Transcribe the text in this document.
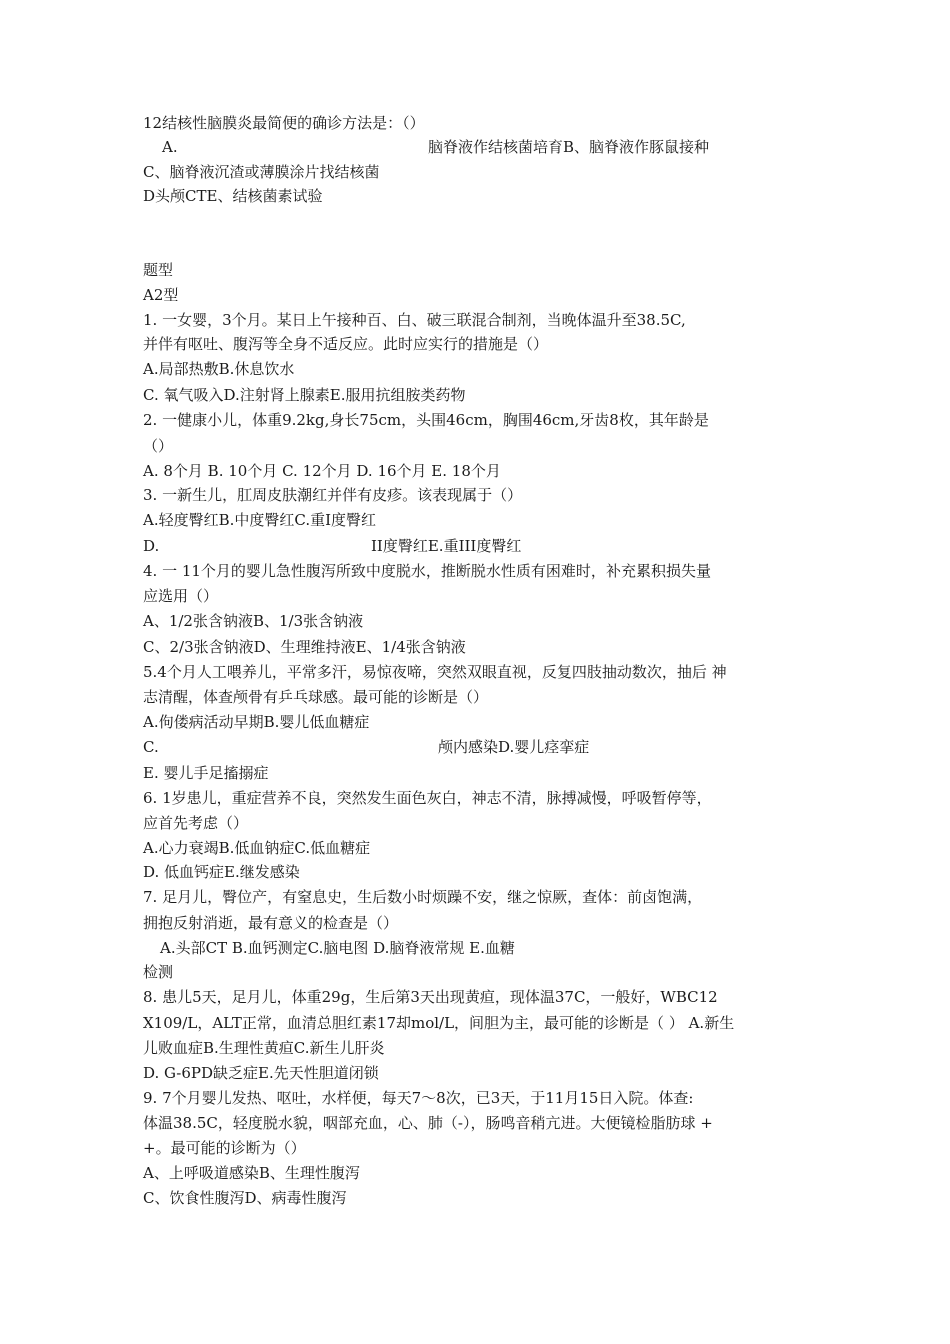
12结核性脑膜炎最简便的确诊方法是：（）
A.	脑脊液作结核菌培育B、脑脊液作豚鼠接种
C、脑脊液沉渣或薄膜涂片找结核菌
D头颅CTE、结核菌素试验
题型
A2型
1. 一女婴，3个月。某日上午接种百、白、破三联混合制剂，当晚体温升至38.5C,
并伴有呕吐、腹泻等全身不适反应。此时应实行的措施是（）
A.局部热敷B.休息饮水
C. 氧气吸入D.注射肾上腺素E.服用抗组胺类药物
2. 一健康小儿，体重9.2kg,身长75cm，头围46cm，胸围46cm,牙齿8枚，其年龄是
（）
A. 8个月 B. 10个月 C. 12个月 D. 16个月 E. 18个月
3. 一新生儿，肛周皮肤潮红并伴有皮疹。该表现属于（）
A.轻度臀红B.中度臀红C.重I度臀红
D.	II度臀红E.重III度臀红
4. 一 11个月的婴儿急性腹泻所致中度脱水，推断脱水性质有困难时，补充累积损失量
应选用（）
A、1/2张含钠液B、1/3张含钠液
C、2/3张含钠液D、生理维持液E、1/4张含钠液
5.4个月人工喂养儿，平常多汗，易惊夜啼，突然双眼直视，反复四肢抽动数次，抽后 神
志清醒，体查颅骨有乒乓球感。最可能的诊断是（）
A.佝偻病活动早期B.婴儿低血糖症
C.	颅内感染D.婴儿痉挛症
E. 婴儿手足搐搦症
6. 1岁患儿，重症营养不良，突然发生面色灰白，神志不清，脉搏减慢，呼吸暂停等，
应首先考虑（）
A.心力衰竭B.低血钠症C.低血糖症
D. 低血钙症E.继发感染
7. 足月儿，臀位产，有窒息史，生后数小时烦躁不安，继之惊厥，查体：前卤饱满，
拥抱反射消逝，最有意义的检查是（）
A.头部CT B.血钙测定C.脑电图 D.脑脊液常规 E.血糖
检测
8. 患儿5天，足月儿，体重29g，生后第3天出现黄疸，现体温37C，一般好，WBC12
X109/L，ALT正常，血清总胆红素17却mol/L，间胆为主，最可能的诊断是（ ） A.新生
儿败血症B.生理性黄疸C.新生儿肝炎
D. G-6PD缺乏症E.先天性胆道闭锁
9. 7个月婴儿发热、呕吐，水样便，每天7〜8次，已3天，于11月15日入院。体查:
体温38.5C，轻度脱水貌，咽部充血，心、肺（-），肠鸣音稍亢进。大便镜检脂肪球 +
+。最可能的诊断为（）
A、上呼吸道感染B、生理性腹泻
C、饮食性腹泻D、病毒性腹泻
